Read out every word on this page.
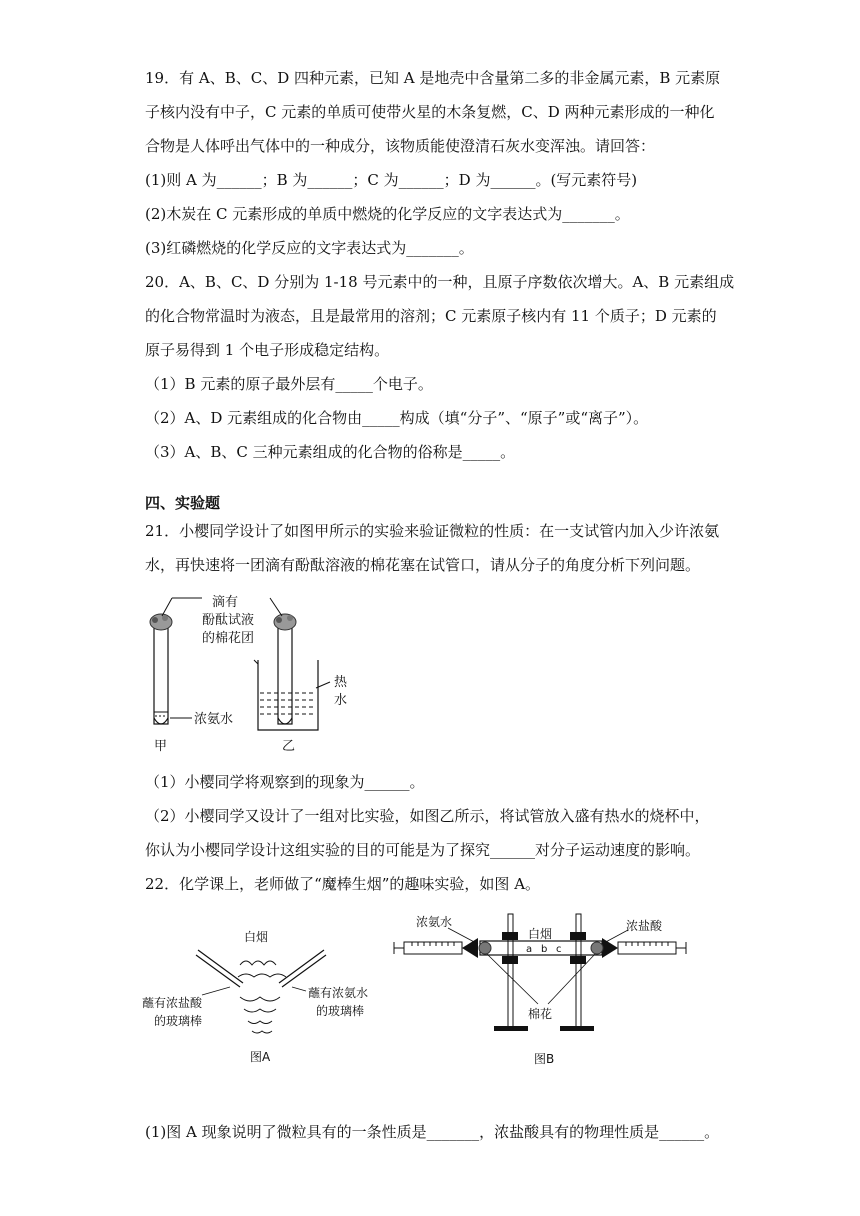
19．有 A、B、C、D 四种元素，已知 A 是地壳中含量第二多的非金属元素，B 元素原
子核内没有中子，C 元素的单质可使带火星的木条复燃，C、D 两种元素形成的一种化
合物是人体呼出气体中的一种成分，该物质能使澄清石灰水变浑浊。请回答：
(1)则 A 为______；B 为______；C 为______；D 为______。(写元素符号)
(2)木炭在 C 元素形成的单质中燃烧的化学反应的文字表达式为_______。
(3)红磷燃烧的化学反应的文字表达式为_______。
20．A、B、C、D 分别为 1-18 号元素中的一种，且原子序数依次增大。A、B 元素组成
的化合物常温时为液态，且是最常用的溶剂；C 元素原子核内有 11 个质子；D 元素的
原子易得到 1 个电子形成稳定结构。
（1）B 元素的原子最外层有_____个电子。
（2）A、D 元素组成的化合物由_____构成（填“分子”、“原子”或“离子”）。
（3）A、B、C 三种元素组成的化合物的俗称是_____。
四、实验题
21．小樱同学设计了如图甲所示的实验来验证微粒的性质：在一支试管内加入少许浓氨
水，再快速将一团滴有酚酞溶液的棉花塞在试管口，请从分子的角度分析下列问题。
滴有
酚酞试液
的棉花团
浓氨水
热
水
甲	乙
（1）小樱同学将观察到的现象为______。
（2）小樱同学又设计了一组对比实验，如图乙所示，将试管放入盛有热水的烧杯中，
你认为小樱同学设计这组实验的目的可能是为了探究______对分子运动速度的影响。
22．化学课上，老师做了“魔棒生烟”的趣味实验，如图 A。
白烟
蘸有浓盐酸
的玻璃棒
蘸有浓氨水
的玻璃棒
图A
浓氨水
白烟
浓盐酸
a b c
棉花
图B
(1)图 A 现象说明了微粒具有的一条性质是_______，浓盐酸具有的物理性质是______。
